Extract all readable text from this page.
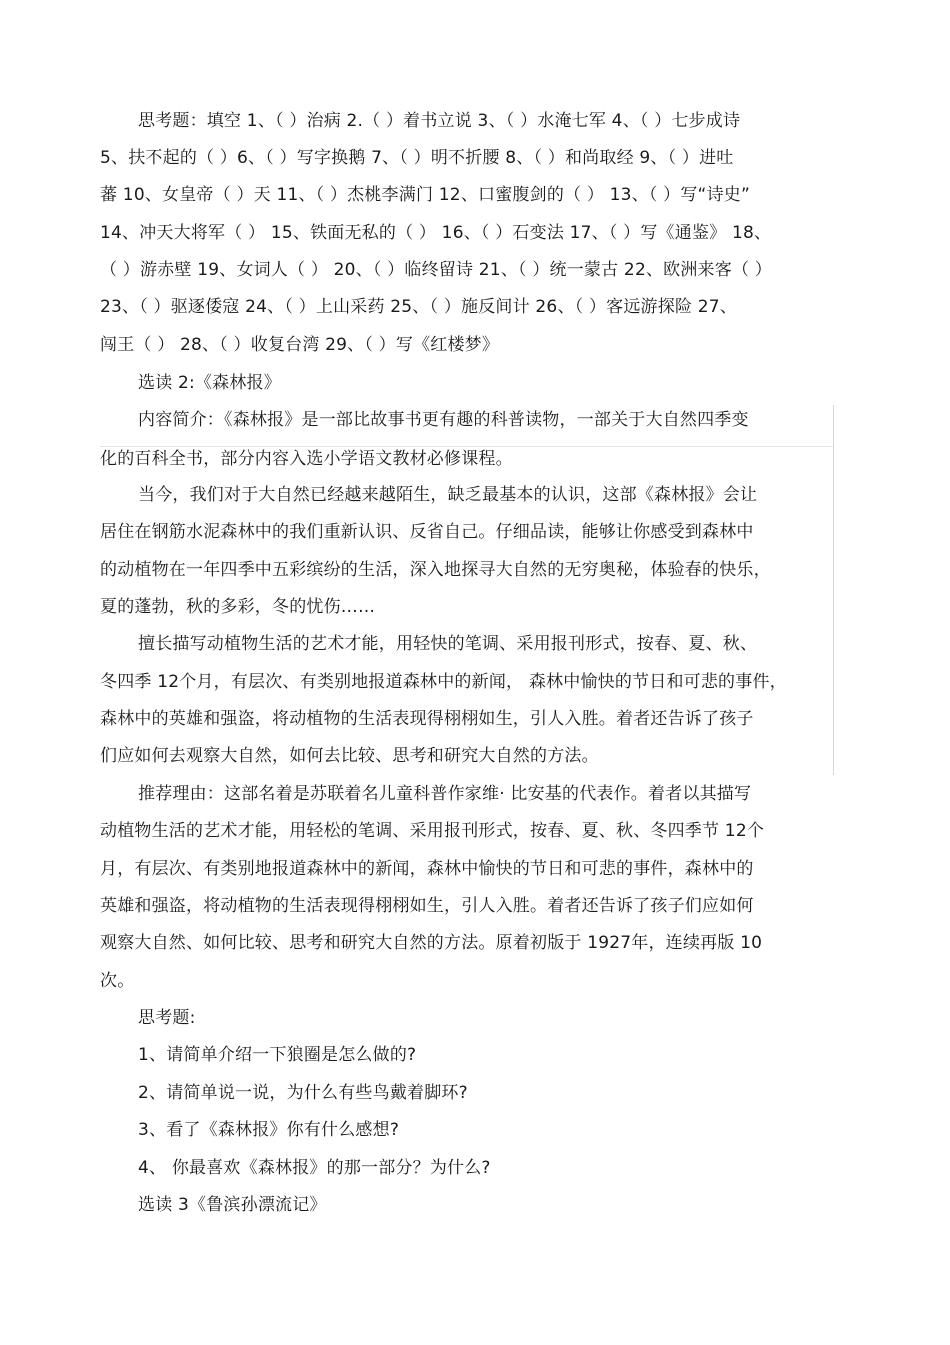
思考题：填空 1、（ ）治病 2.（ ）着书立说 3、（ ）水淹七军 4、（ ）七步成诗
5、扶不起的（ ）6、（ ）写字换鹅 7、（ ）明不折腰 8、（ ）和尚取经 9、（ ）进吐
蕃 10、女皇帝（ ）天 11、（ ）杰桃李满门 12、口蜜腹剑的（ ） 13、（ ）写“诗史”
14、冲天大将军（ ） 15、铁面无私的（ ） 16、（ ）石变法 17、（ ）写《通鉴》 18、
（ ）游赤壁 19、女词人（ ） 20、（ ）临终留诗 21、（ ）统一蒙古 22、欧洲来客（ ）
23、（ ）驱逐倭寇 24、（ ）上山采药 25、（ ）施反间计 26、（ ）客远游探险 27、
闯王（ ） 28、（ ）收复台湾 29、（ ）写《红楼梦》
选读 2:《森林报》
内容简介：《森林报》是一部比故事书更有趣的科普读物，一部关于大自然四季变
化的百科全书，部分内容入选小学语文教材必修课程。
当今，我们对于大自然已经越来越陌生，缺乏最基本的认识，这部《森林报》会让
居住在钢筋水泥森林中的我们重新认识、反省自己。仔细品读，能够让你感受到森林中
的动植物在一年四季中五彩缤纷的生活，深入地探寻大自然的无穷奥秘，体验春的快乐，
夏的蓬勃，秋的多彩，冬的忧伤……
擅长描写动植物生活的艺术才能，用轻快的笔调、采用报刊形式，按春、夏、秋、
冬四季 12个月，有层次、有类别地报道森林中的新闻， 森林中愉快的节日和可悲的事件，
森林中的英雄和强盗，将动植物的生活表现得栩栩如生，引人入胜。着者还告诉了孩子
们应如何去观察大自然，如何去比较、思考和研究大自然的方法。
推荐理由：这部名着是苏联着名儿童科普作家维· 比安基的代表作。着者以其描写
动植物生活的艺术才能，用轻松的笔调、采用报刊形式，按春、夏、秋、冬四季节 12个
月，有层次、有类别地报道森林中的新闻，森林中愉快的节日和可悲的事件，森林中的
英雄和强盗，将动植物的生活表现得栩栩如生，引人入胜。着者还告诉了孩子们应如何
观察大自然、如何比较、思考和研究大自然的方法。原着初版于 1927年，连续再版 10
次。
思考题:
1、请简单介绍一下狼圈是怎么做的?
2、请简单说一说，为什么有些鸟戴着脚环?
3、看了《森林报》你有什么感想?
4、 你最喜欢《森林报》的那一部分？为什么?
选读 3《鲁滨孙漂流记》
